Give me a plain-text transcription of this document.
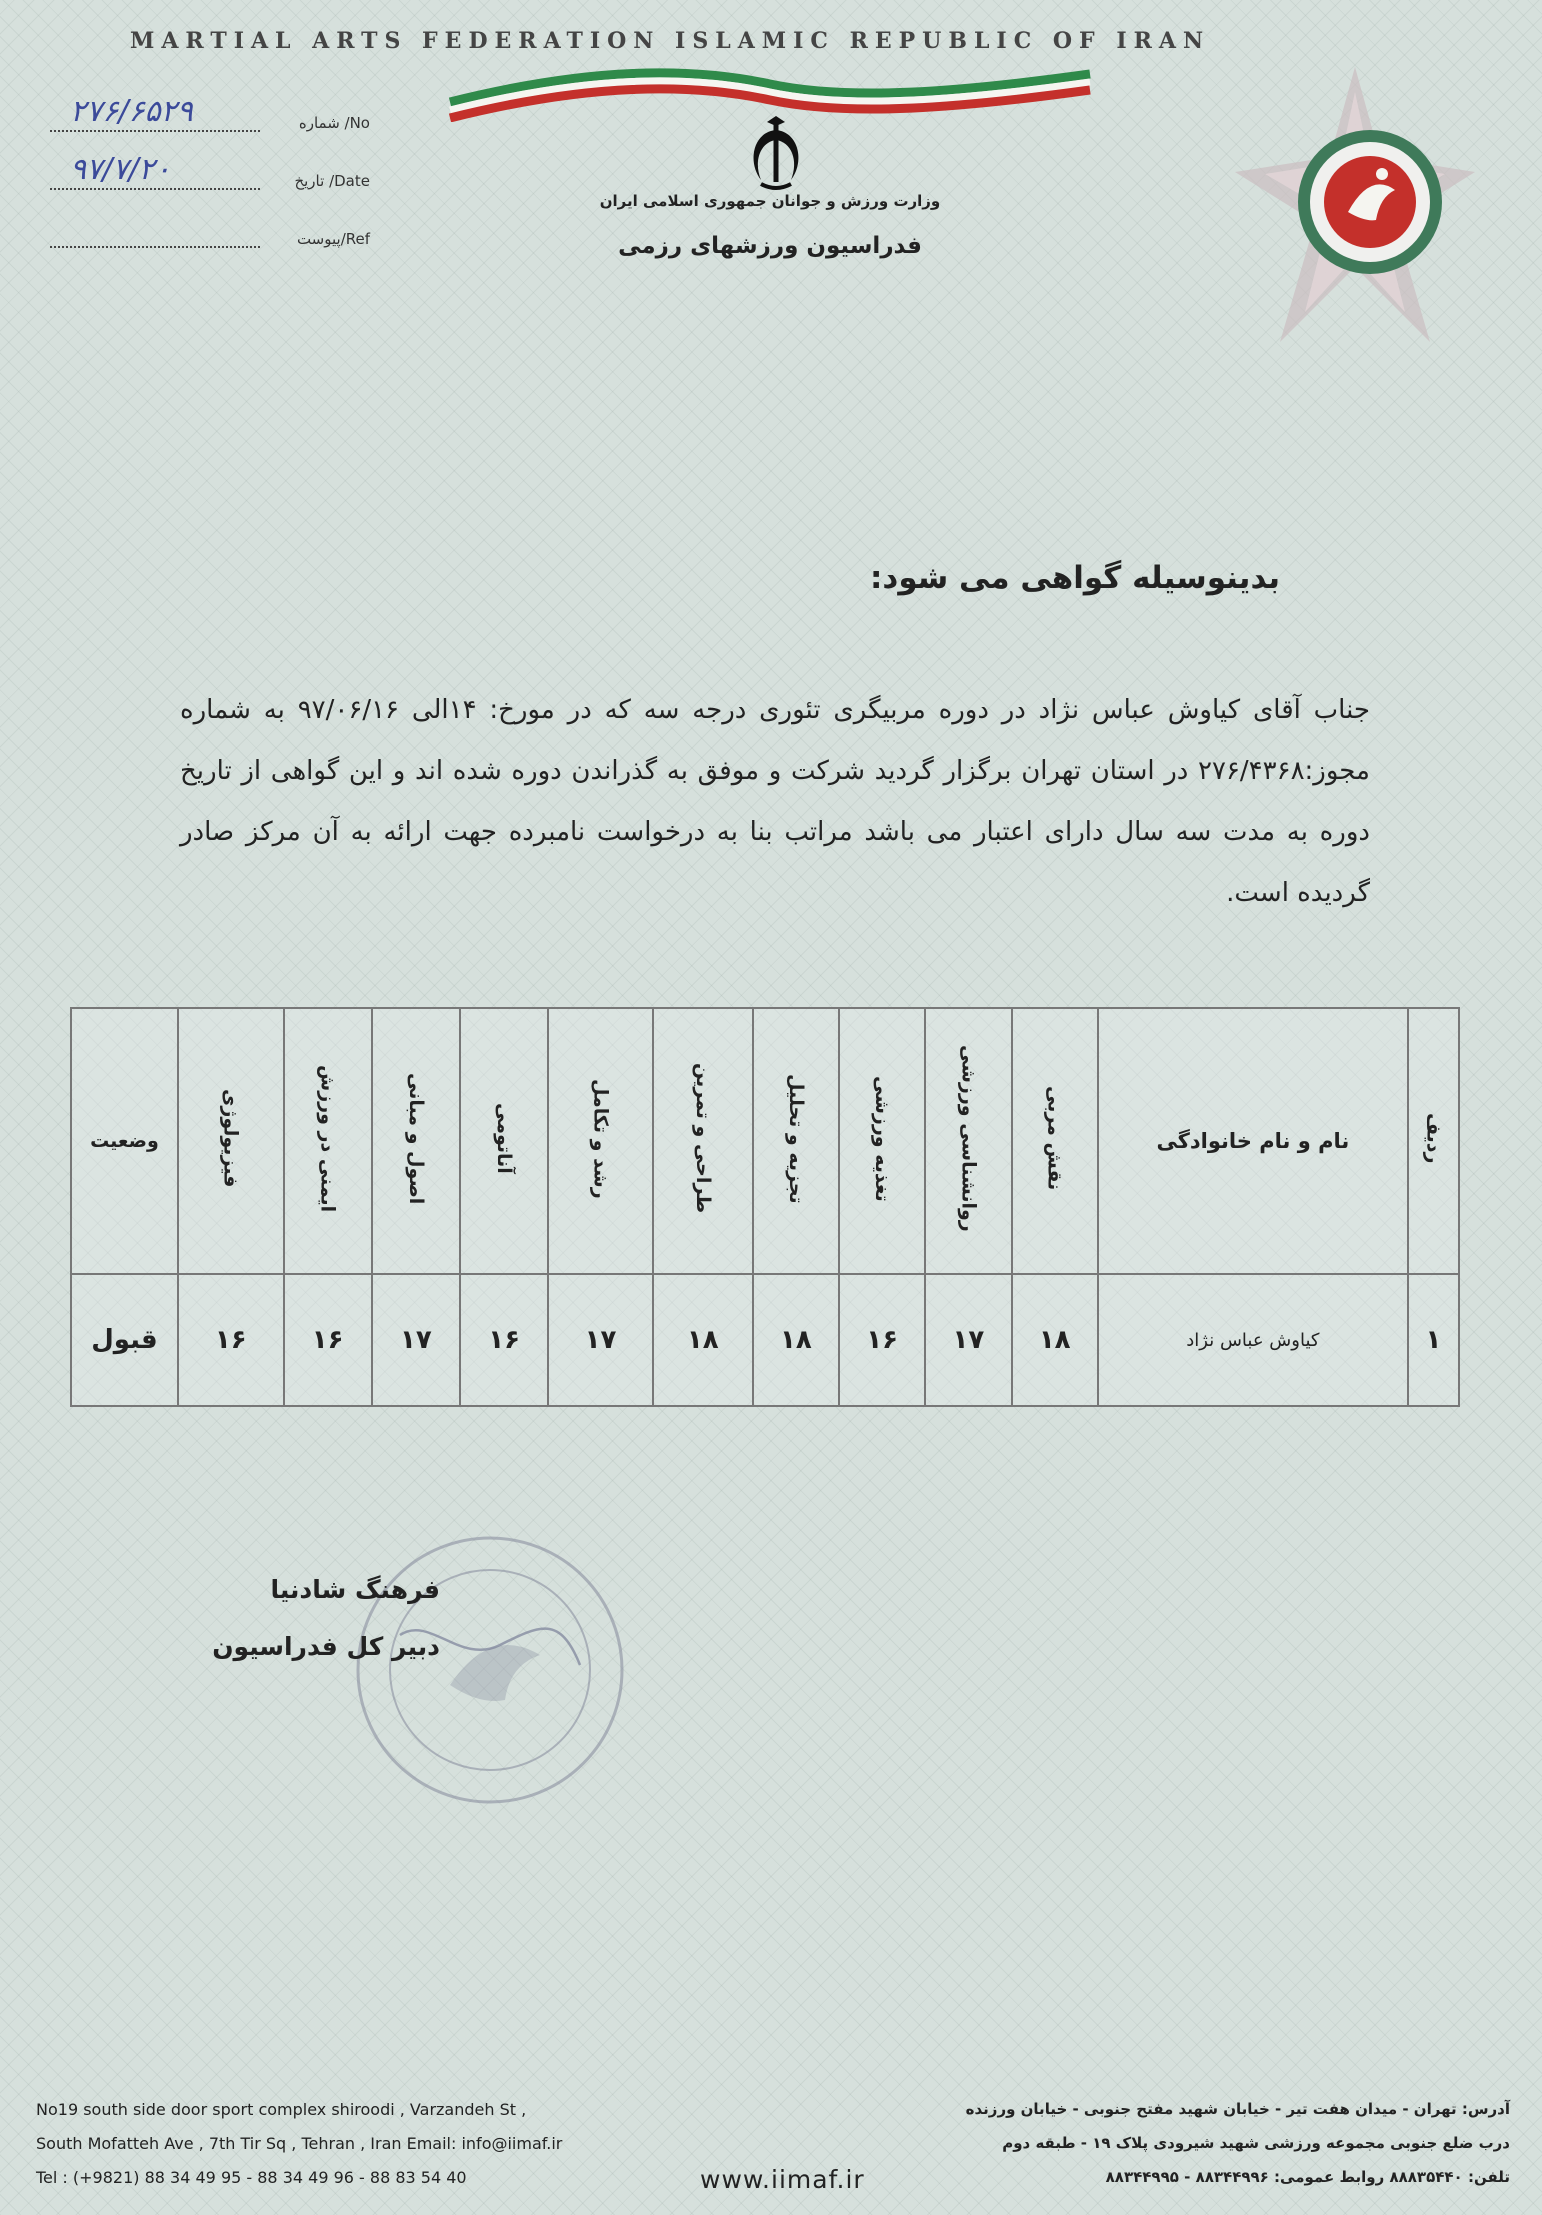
MARTIAL ARTS FEDERATION ISLAMIC REPUBLIC OF IRAN
وزارت ورزش و جوانان جمهوری اسلامی ایران
فدراسیون ورزشهای رزمی
۲۷۶/۶۵۲۹	شماره /No
۹۷/۷/۲۰	تاریخ /Date
پیوست/Ref
بدینوسیله گواهی می شود:
جناب آقای کیاوش عباس نژاد در دوره مربیگری تئوری درجه سه که در مورخ: ۱۴الی ۹۷/۰۶/۱۶ به شماره مجوز:۲۷۶/۴۳۶۸ در استان تهران برگزار گردید شرکت و موفق به گذراندن دوره شده اند و این گواهی از تاریخ دوره به مدت سه سال دارای اعتبار می باشد مراتب بنا به درخواست نامبرده جهت ارائه به آن مرکز صادر گردیده است.
ردیف	نام و نام خانوادگی	نقش مربی	روانشناسی ورزشی	تغذیه ورزشی	تجزیه و تحلیل	طراحی و تمرین	رشد و تکامل	آناتومی	اصول و مبانی	ایمنی در ورزش	فیزیولوژی	وضعیت
۱	کیاوش عباس نژاد	۱۸	۱۷	۱۶	۱۸	۱۸	۱۷	۱۶	۱۷	۱۶	۱۶	قبول
فرهنگ شادنیا
دبیر کل فدراسیون
No19 south side door sport complex shiroodi , Varzandeh St ,
South Mofatteh Ave , 7th Tir Sq , Tehran , Iran Email: info@iimaf.ir
Tel : (+9821) 88 34 49 95 - 88 34 49 96 - 88 83 54 40
آدرس: تهران - میدان هفت تیر - خیابان شهید مفتح جنوبی - خیابان ورزنده
درب ضلع جنوبی مجموعه ورزشی شهید شیرودی پلاک ۱۹ - طبقه دوم
تلفن: ۸۸۸۳۵۴۴۰ روابط عمومی: ۸۸۳۴۴۹۹۶ - ۸۸۳۴۴۹۹۵
www.iimaf.ir
